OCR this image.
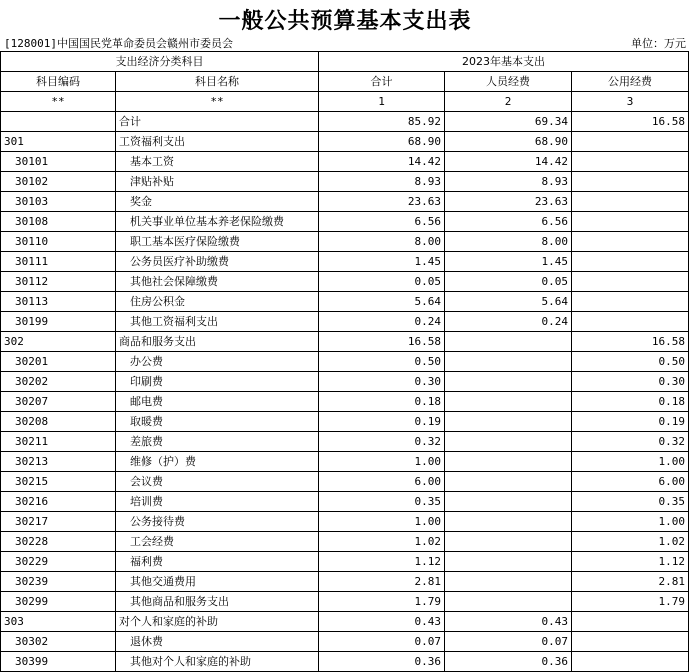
一般公共预算基本支出表
[128001]中国国民党革命委员会赣州市委员会	单位：万元
支出经济分类科目		2023年基本支出		
科目编码	科目名称	合计	人员经费	公用经费
**	**	1	2	3
	合计	85.92	69.34	16.58
301	工资福利支出	68.90	68.90	
30101	基本工资	14.42	14.42	
30102	津贴补贴	8.93	8.93	
30103	奖金	23.63	23.63	
30108	机关事业单位基本养老保险缴费	6.56	6.56	
30110	职工基本医疗保险缴费	8.00	8.00	
30111	公务员医疗补助缴费	1.45	1.45	
30112	其他社会保障缴费	0.05	0.05	
30113	住房公积金	5.64	5.64	
30199	其他工资福利支出	0.24	0.24	
302	商品和服务支出	16.58		16.58
30201	办公费	0.50		0.50
30202	印刷费	0.30		0.30
30207	邮电费	0.18		0.18
30208	取暖费	0.19		0.19
30211	差旅费	0.32		0.32
30213	维修（护）费	1.00		1.00
30215	会议费	6.00		6.00
30216	培训费	0.35		0.35
30217	公务接待费	1.00		1.00
30228	工会经费	1.02		1.02
30229	福利费	1.12		1.12
30239	其他交通费用	2.81		2.81
30299	其他商品和服务支出	1.79		1.79
303	对个人和家庭的补助	0.43	0.43	
30302	退休费	0.07	0.07	
30399	其他对个人和家庭的补助	0.36	0.36	
